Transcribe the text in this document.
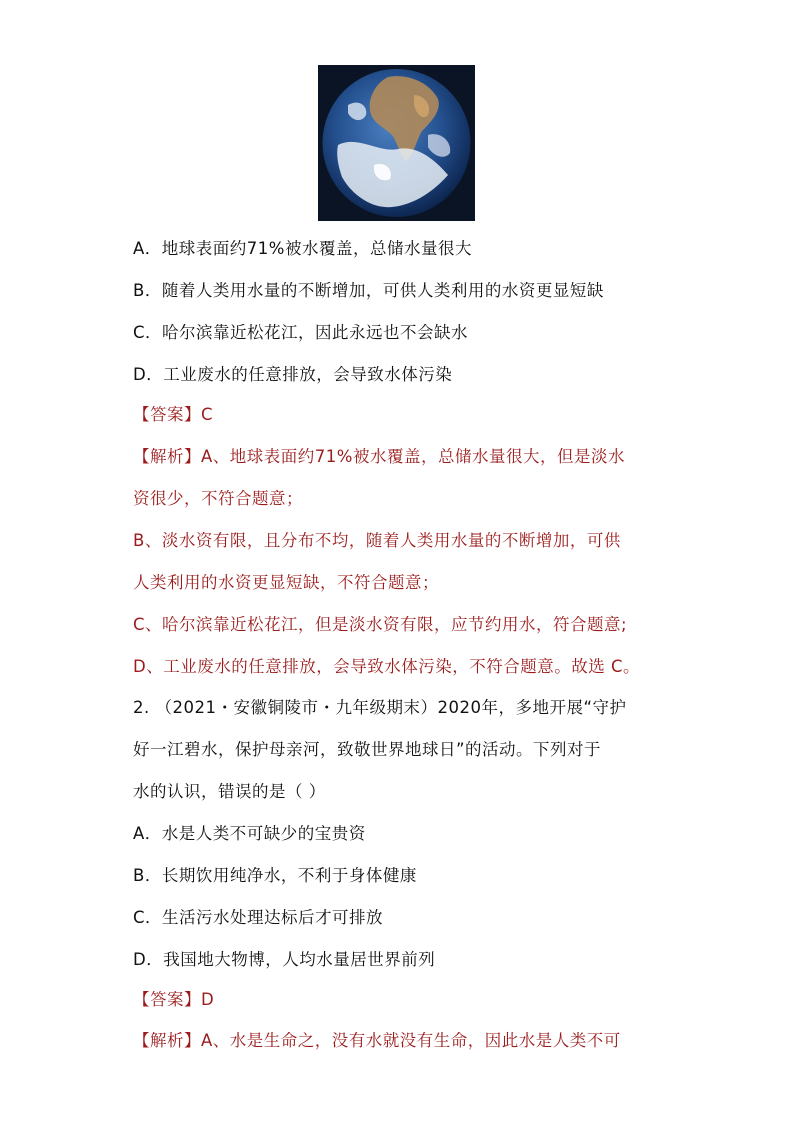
A．地球表面约71%被水覆盖，总储水量很大
B．随着人类用水量的不断增加，可供人类利用的水资更显短缺
C．哈尔滨靠近松花江，因此永远也不会缺水
D．工业废水的任意排放，会导致水体污染
【答案】C
【解析】A、地球表面约71%被水覆盖，总储水量很大，但是淡水
资很少，不符合题意；
B、淡水资有限，且分布不均，随着人类用水量的不断增加，可供
人类利用的水资更显短缺，不符合题意；
C、哈尔滨靠近松花江，但是淡水资有限，应节约用水，符合题意;
D、工业废水的任意排放，会导致水体污染，不符合题意。故选 C。
2. （2021・安徽铜陵市・九年级期末）2020年，多地开展“守护
好一江碧水，保护母亲河，致敬世界地球日”的活动。下列对于
水的认识，错误的是（ ）
A．水是人类不可缺少的宝贵资
B．长期饮用纯净水，不利于身体健康
C．生活污水处理达标后才可排放
D．我国地大物博，人均水量居世界前列
【答案】D
【解析】A、水是生命之，没有水就没有生命，因此水是人类不可
